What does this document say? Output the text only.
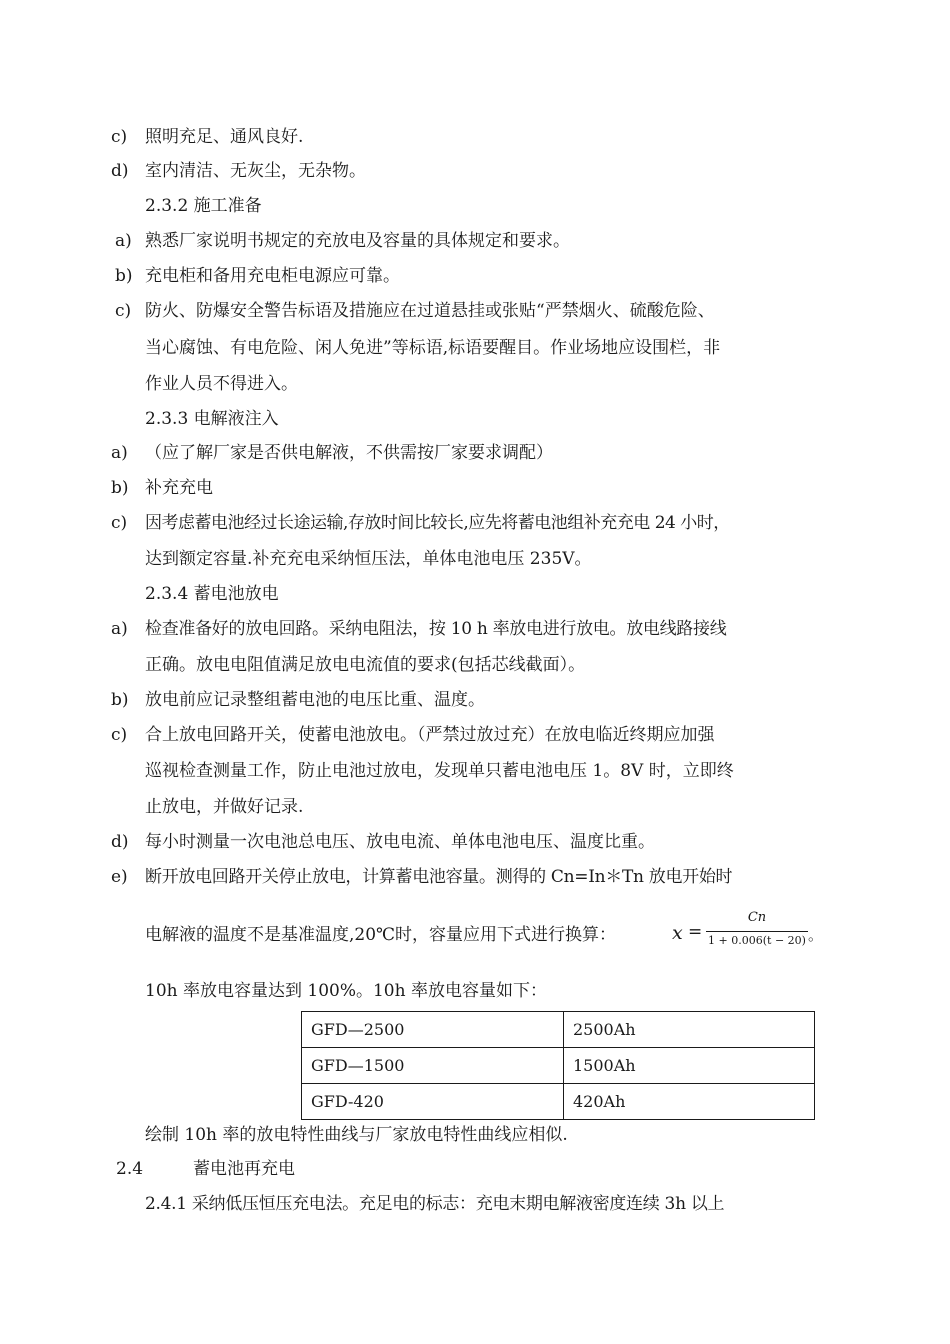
c) 照明充足、通风良好.
d) 室内清洁、无灰尘，无杂物。
2.3.2 施工准备
a) 熟悉厂家说明书规定的充放电及容量的具体规定和要求。
b) 充电柜和备用充电柜电源应可靠。
c) 防火、防爆安全警告标语及措施应在过道悬挂或张贴“严禁烟火、硫酸危险、
当心腐蚀、有电危险、闲人免进”等标语,标语要醒目。作业场地应设围栏，非
作业人员不得进入。
2.3.3 电解液注入
a) （应了解厂家是否供电解液，不供需按厂家要求调配）
b) 补充充电
c) 因考虑蓄电池经过长途运输,存放时间比较长,应先将蓄电池组补充充电 24 小时，
达到额定容量.补充充电采纳恒压法，单体电池电压 235V。
2.3.4 蓄电池放电
a) 检查准备好的放电回路。采纳电阻法，按 10 h 率放电进行放电。放电线路接线
正确。放电电阻值满足放电电流值的要求(包括芯线截面）。
b) 放电前应记录整组蓄电池的电压比重、温度。
c) 合上放电回路开关，使蓄电池放电。（严禁过放过充）在放电临近终期应加强
巡视检查测量工作，防止电池过放电，发现单只蓄电池电压 1。8V 时，立即终
止放电，并做好记录.
d) 每小时测量一次电池总电压、放电电流、单体电池电压、温度比重。
e) 断开放电回路开关停止放电，计算蓄电池容量。测得的 Cn=In＊Tn 放电开始时
电解液的温度不是基准温度,20℃时，容量应用下式进行换算：	x =
Cn
1 + 0.006(t − 20) 。
10h 率放电容量达到 100%。10h 率放电容量如下：
GFD—2500	2500Ah
GFD—1500	1500Ah
GFD-420	420Ah
绘制 10h 率的放电特性曲线与厂家放电特性曲线应相似.
2.4	蓄电池再充电
2.4.1 采纳低压恒压充电法。充足电的标志：充电末期电解液密度连续 3h 以上
